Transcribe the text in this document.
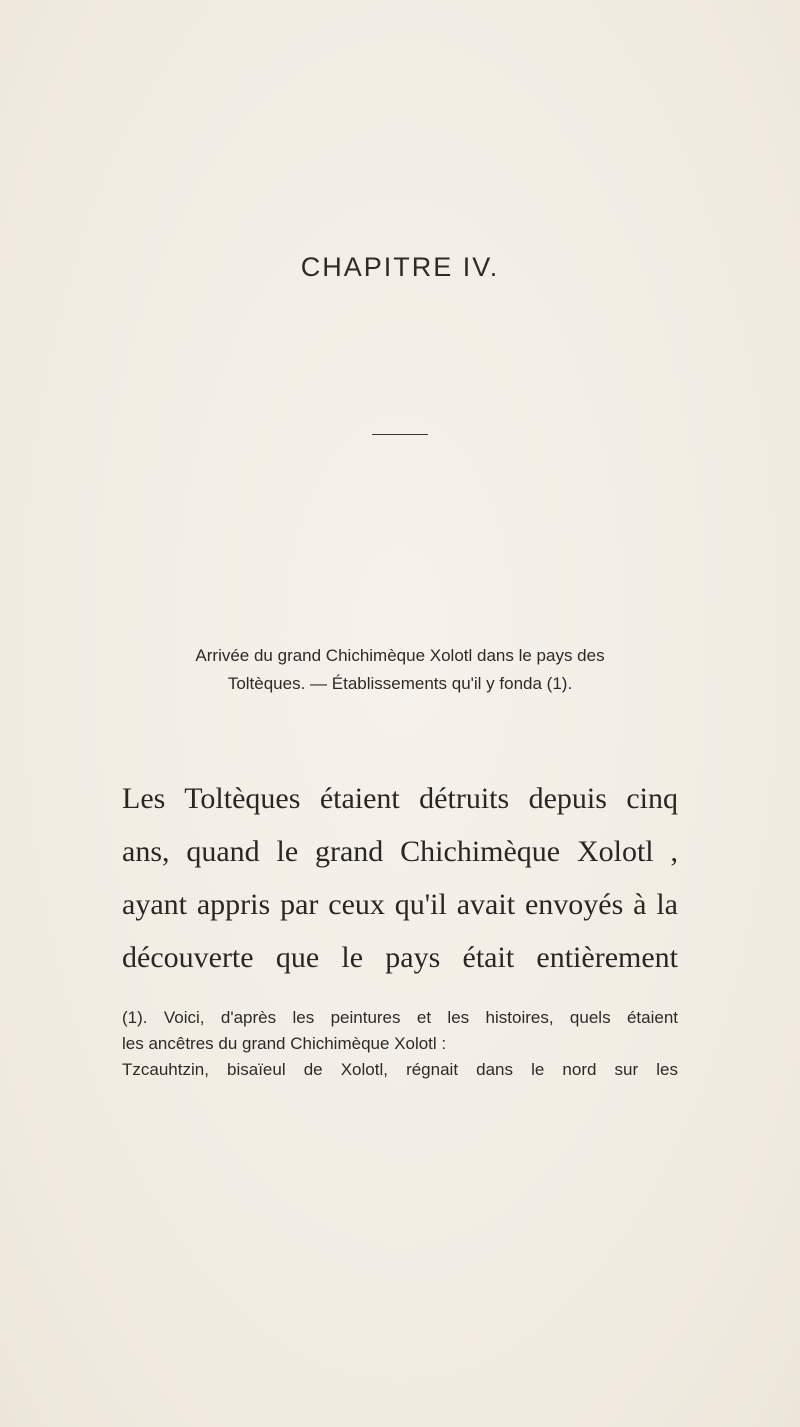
CHAPITRE IV.
Arrivée du grand Chichimèque Xolotl dans le pays des
Toltèques. — Établissements qu'il y fonda (1).
Les Toltèques étaient détruits depuis cinq
ans, quand le grand Chichimèque Xolotl ,
ayant appris par ceux qu'il avait envoyés à la
découverte que le pays était entièrement
(1). Voici, d'après les peintures et les histoires, quels étaient
les ancêtres du grand Chichimèque Xolotl :
Tzcauhtzin, bisaïeul de Xolotl, régnait dans le nord sur les
